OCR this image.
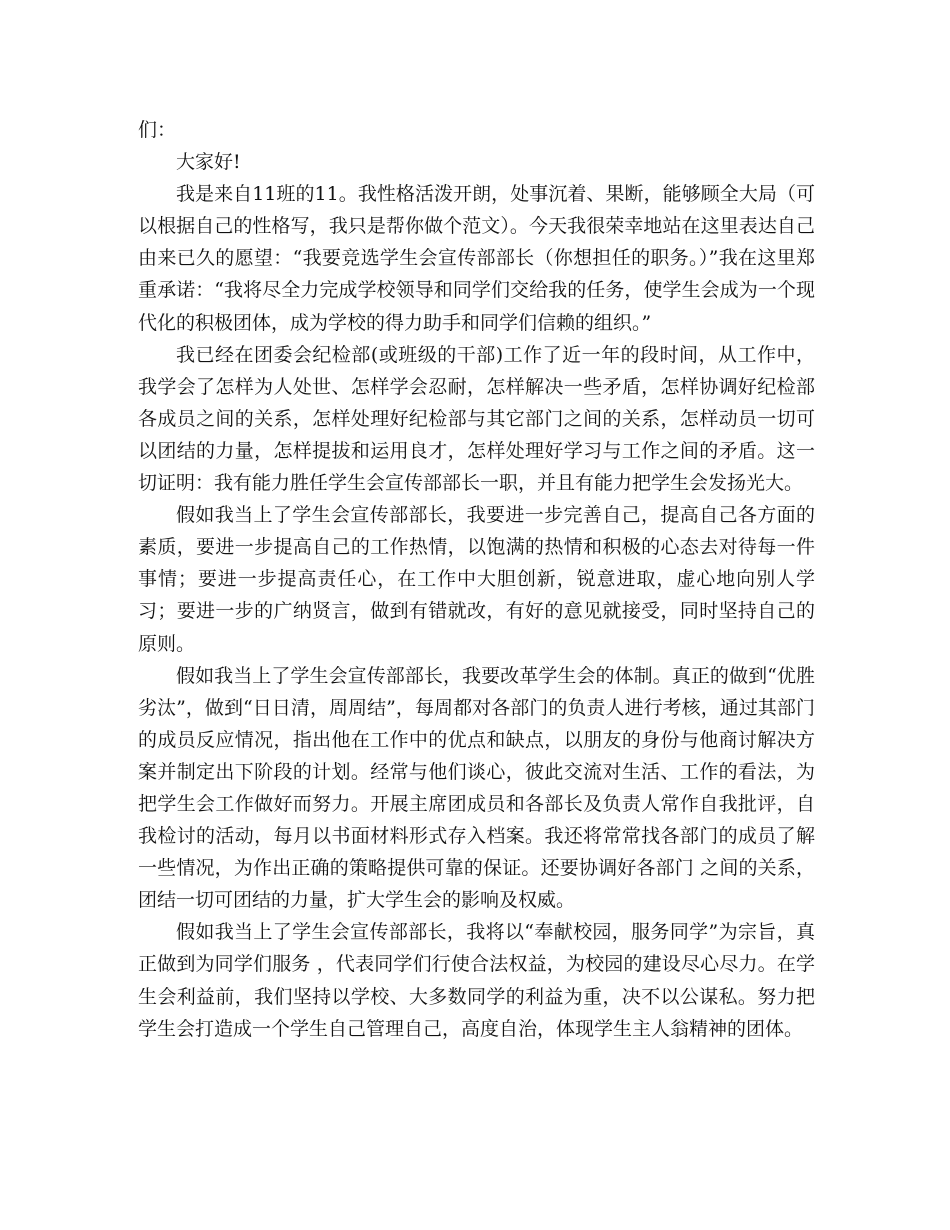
们：

大家好!

我是来自11班的11。我性格活泼开朗，处事沉着、果断，能够顾全大局（可以根据自己的性格写，我只是帮你做个范文）。今天我很荣幸地站在这里表达自己由来已久的愿望：“我要竞选学生会宣传部部长（你想担任的职务。）”我在这里郑重承诺：“我将尽全力完成学校领导和同学们交给我的任务，使学生会成为一个现代化的积极团体，成为学校的得力助手和同学们信赖的组织。”

我已经在团委会纪检部(或班级的干部)工作了近一年的段时间，从工作中，我学会了怎样为人处世、怎样学会忍耐，怎样解决一些矛盾，怎样协调好纪检部各成员之间的关系，怎样处理好纪检部与其它部门之间的关系，怎样动员一切可以团结的力量，怎样提拔和运用良才，怎样处理好学习与工作之间的矛盾。这一切证明：我有能力胜任学生会宣传部部长一职，并且有能力把学生会发扬光大。

假如我当上了学生会宣传部部长，我要进一步完善自己，提高自己各方面的素质，要进一步提高自己的工作热情，以饱满的热情和积极的心态去对待每一件事情；要进一步提高责任心，在工作中大胆创新，锐意进取，虚心地向别人学习；要进一步的广纳贤言，做到有错就改，有好的意见就接受，同时坚持自己的原则。

假如我当上了学生会宣传部部长，我要改革学生会的体制。真正的做到“优胜劣汰”，做到“日日清，周周结”，每周都对各部门的负责人进行考核，通过其部门的成员反应情况，指出他在工作中的优点和缺点，以朋友的身份与他商讨解决方案并制定出下阶段的计划。经常与他们谈心，彼此交流对生活、工作的看法，为把学生会工作做好而努力。开展主席团成员和各部长及负责人常作自我批评，自我检讨的活动，每月以书面材料形式存入档案。我还将常常找各部门的成员了解一些情况，为作出正确的策略提供可靠的保证。还要协调好各部门 之间的关系，团结一切可团结的力量，扩大学生会的影响及权威。

假如我当上了学生会宣传部部长，我将以“奉献校园，服务同学”为宗旨，真正做到为同学们服务 ，代表同学们行使合法权益，为校园的建设尽心尽力。在学生会利益前，我们坚持以学校、大多数同学的利益为重，决不以公谋私。努力把学生会打造成一个学生自己管理自己，高度自治，体现学生主人翁精神的团体。
